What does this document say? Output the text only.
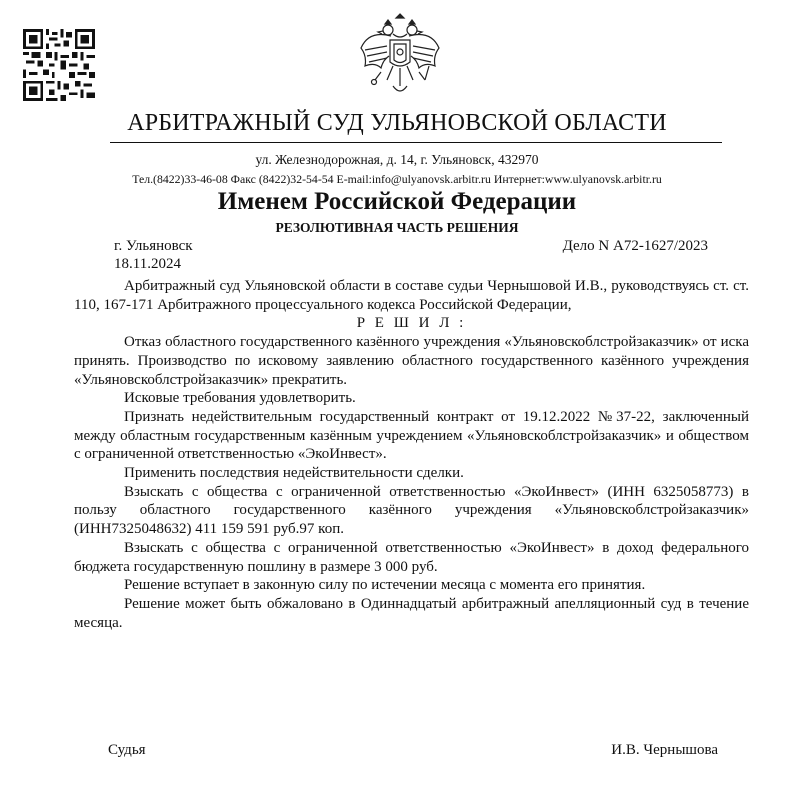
АРБИТРАЖНЫЙ СУД УЛЬЯНОВСКОЙ ОБЛАСТИ
ул. Железнодорожная, д. 14, г. Ульяновск, 432970
Тел.(8422)33-46-08 Факс (8422)32-54-54 E-mail:info@ulyanovsk.arbitr.ru Интернет:www.ulyanovsk.arbitr.ru
Именем Российской Федерации
РЕЗОЛЮТИВНАЯ ЧАСТЬ РЕШЕНИЯ
г. Ульяновск	Дело N А72-1627/2023
18.11.2024

Арбитражный суд Ульяновской области в составе судьи Чернышовой И.В., руководствуясь ст. ст. 110, 167-171 Арбитражного процессуального кодекса Российской Федерации,

Р Е Ш И Л :

Отказ областного государственного казённого учреждения «Ульяновскоблстройзаказчик» от иска принять. Производство по исковому заявлению областного государственного казённого учреждения «Ульяновскоблстройзаказчик» прекратить.

Исковые требования удовлетворить.

Признать недействительным государственный контракт от 19.12.2022 №37-22, заключенный между областным государственным казённым учреждением «Ульяновскоблстройзаказчик» и обществом с ограниченной ответственностью «ЭкоИнвест».

Применить последствия недействительности сделки.

Взыскать с общества с ограниченной ответственностью «ЭкоИнвест» (ИНН 6325058773) в пользу областного государственного казённого учреждения «Ульяновскоблстройзаказчик» (ИНН7325048632) 411 159 591 руб.97 коп.

Взыскать с общества с ограниченной ответственностью «ЭкоИнвест» в доход федерального бюджета государственную пошлину в размере 3 000 руб.

Решение вступает в законную силу по истечении месяца с момента его принятия.

Решение может быть обжаловано в Одиннадцатый арбитражный апелляционный суд в течение месяца.

Судья	И.В. Чернышова
